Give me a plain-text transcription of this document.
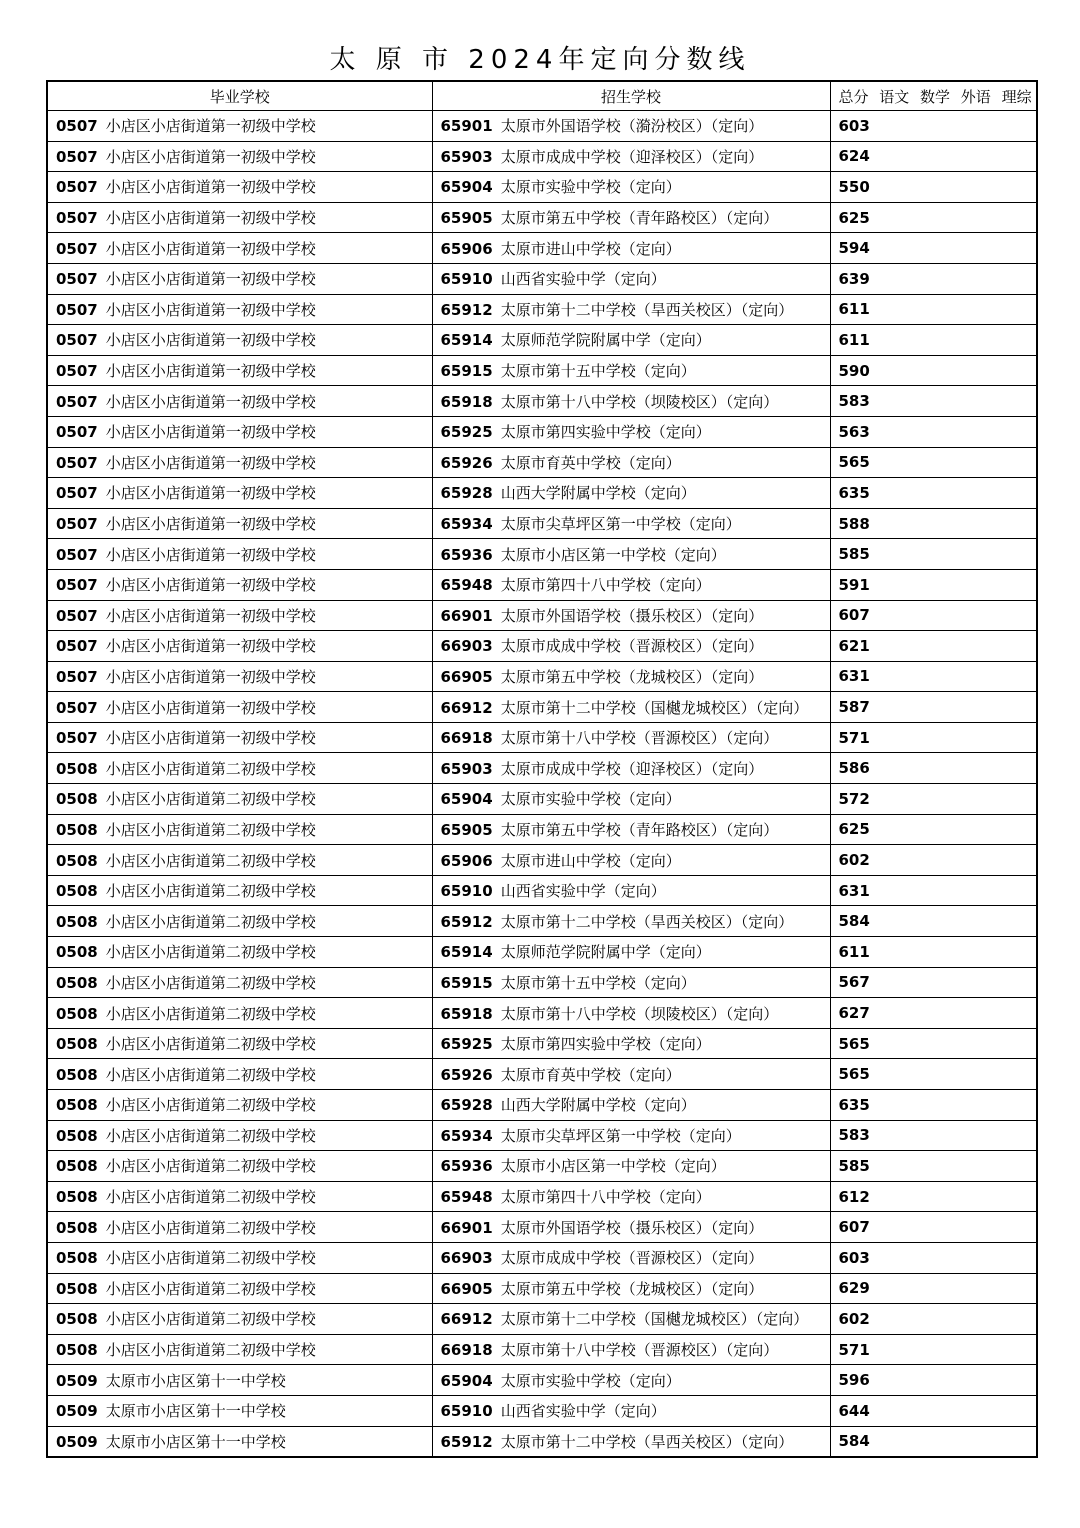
太 原 市 2024年定向分数线
毕业学校	招生学校	总分 语文 数学 外语 理综
0507 小店区小店街道第一初级中学校	65901 太原市外国语学校（漪汾校区）（定向）	603
0507 小店区小店街道第一初级中学校	65903 太原市成成中学校（迎泽校区）（定向）	624
0507 小店区小店街道第一初级中学校	65904 太原市实验中学校（定向）	550
0507 小店区小店街道第一初级中学校	65905 太原市第五中学校（青年路校区）（定向）	625
0507 小店区小店街道第一初级中学校	65906 太原市进山中学校（定向）	594
0507 小店区小店街道第一初级中学校	65910 山西省实验中学（定向）	639
0507 小店区小店街道第一初级中学校	65912 太原市第十二中学校（旱西关校区）（定向）	611
0507 小店区小店街道第一初级中学校	65914 太原师范学院附属中学（定向）	611
0507 小店区小店街道第一初级中学校	65915 太原市第十五中学校（定向）	590
0507 小店区小店街道第一初级中学校	65918 太原市第十八中学校（坝陵校区）（定向）	583
0507 小店区小店街道第一初级中学校	65925 太原市第四实验中学校（定向）	563
0507 小店区小店街道第一初级中学校	65926 太原市育英中学校（定向）	565
0507 小店区小店街道第一初级中学校	65928 山西大学附属中学校（定向）	635
0507 小店区小店街道第一初级中学校	65934 太原市尖草坪区第一中学校（定向）	588
0507 小店区小店街道第一初级中学校	65936 太原市小店区第一中学校（定向）	585
0507 小店区小店街道第一初级中学校	65948 太原市第四十八中学校（定向）	591
0507 小店区小店街道第一初级中学校	66901 太原市外国语学校（摄乐校区）（定向）	607
0507 小店区小店街道第一初级中学校	66903 太原市成成中学校（晋源校区）（定向）	621
0507 小店区小店街道第一初级中学校	66905 太原市第五中学校（龙城校区）（定向）	631
0507 小店区小店街道第一初级中学校	66912 太原市第十二中学校（国樾龙城校区）（定向）	587
0507 小店区小店街道第一初级中学校	66918 太原市第十八中学校（晋源校区）（定向）	571
0508 小店区小店街道第二初级中学校	65903 太原市成成中学校（迎泽校区）（定向）	586
0508 小店区小店街道第二初级中学校	65904 太原市实验中学校（定向）	572
0508 小店区小店街道第二初级中学校	65905 太原市第五中学校（青年路校区）（定向）	625
0508 小店区小店街道第二初级中学校	65906 太原市进山中学校（定向）	602
0508 小店区小店街道第二初级中学校	65910 山西省实验中学（定向）	631
0508 小店区小店街道第二初级中学校	65912 太原市第十二中学校（旱西关校区）（定向）	584
0508 小店区小店街道第二初级中学校	65914 太原师范学院附属中学（定向）	611
0508 小店区小店街道第二初级中学校	65915 太原市第十五中学校（定向）	567
0508 小店区小店街道第二初级中学校	65918 太原市第十八中学校（坝陵校区）（定向）	627
0508 小店区小店街道第二初级中学校	65925 太原市第四实验中学校（定向）	565
0508 小店区小店街道第二初级中学校	65926 太原市育英中学校（定向）	565
0508 小店区小店街道第二初级中学校	65928 山西大学附属中学校（定向）	635
0508 小店区小店街道第二初级中学校	65934 太原市尖草坪区第一中学校（定向）	583
0508 小店区小店街道第二初级中学校	65936 太原市小店区第一中学校（定向）	585
0508 小店区小店街道第二初级中学校	65948 太原市第四十八中学校（定向）	612
0508 小店区小店街道第二初级中学校	66901 太原市外国语学校（摄乐校区）（定向）	607
0508 小店区小店街道第二初级中学校	66903 太原市成成中学校（晋源校区）（定向）	603
0508 小店区小店街道第二初级中学校	66905 太原市第五中学校（龙城校区）（定向）	629
0508 小店区小店街道第二初级中学校	66912 太原市第十二中学校（国樾龙城校区）（定向）	602
0508 小店区小店街道第二初级中学校	66918 太原市第十八中学校（晋源校区）（定向）	571
0509 太原市小店区第十一中学校	65904 太原市实验中学校（定向）	596
0509 太原市小店区第十一中学校	65910 山西省实验中学（定向）	644
0509 太原市小店区第十一中学校	65912 太原市第十二中学校（旱西关校区）（定向）	584
